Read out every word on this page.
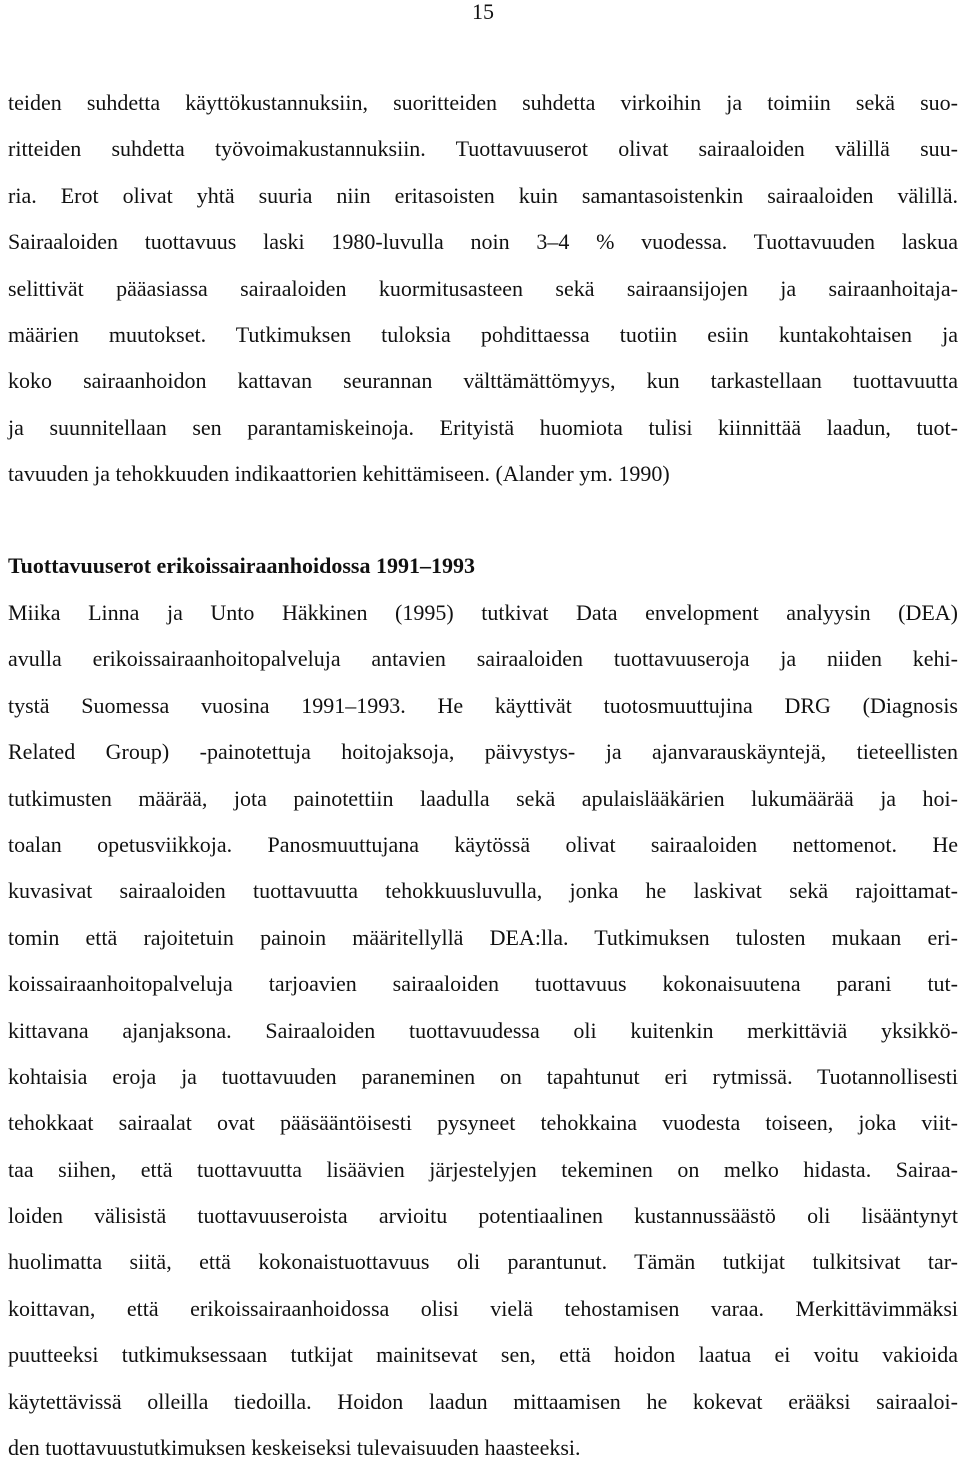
15
teiden suhdetta käyttökustannuksiin, suoritteiden suhdetta virkoihin ja toimiin sekä suo-
ritteiden suhdetta työvoimakustannuksiin. Tuottavuuserot olivat sairaaloiden välillä suu-
ria. Erot olivat yhtä suuria niin eritasoisten kuin samantasoistenkin sairaaloiden välillä.
Sairaaloiden tuottavuus laski 1980-luvulla noin 3–4 % vuodessa. Tuottavuuden laskua
selittivät pääasiassa sairaaloiden kuormitusasteen sekä sairaansijojen ja sairaanhoitaja-
määrien muutokset. Tutkimuksen tuloksia pohdittaessa tuotiin esiin kuntakohtaisen ja
koko sairaanhoidon kattavan seurannan välttämättömyys, kun tarkastellaan tuottavuutta
ja suunnitellaan sen parantamiskeinoja. Erityistä huomiota tulisi kiinnittää laadun, tuot-
tavuuden ja tehokkuuden indikaattorien kehittämiseen. (Alander ym. 1990)
Tuottavuuserot erikoissairaanhoidossa 1991–1993
Miika Linna ja Unto Häkkinen (1995) tutkivat Data envelopment analyysin (DEA)
avulla erikoissairaanhoitopalveluja antavien sairaaloiden tuottavuuseroja ja niiden kehi-
tystä Suomessa vuosina 1991–1993. He käyttivät tuotosmuuttujina DRG (Diagnosis
Related Group) -painotettuja hoitojaksoja, päivystys- ja ajanvarauskäyntejä, tieteellisten
tutkimusten määrää, jota painotettiin laadulla sekä apulaislääkärien lukumäärää ja hoi-
toalan opetusviikkoja. Panosmuuttujana käytössä olivat sairaaloiden nettomenot. He
kuvasivat sairaaloiden tuottavuutta tehokkuusluvulla, jonka he laskivat sekä rajoittamat-
tomin että rajoitetuin painoin määritellyllä DEA:lla. Tutkimuksen tulosten mukaan eri-
koissairaanhoitopalveluja tarjoavien sairaaloiden tuottavuus kokonaisuutena parani tut-
kittavana ajanjaksona. Sairaaloiden tuottavuudessa oli kuitenkin merkittäviä yksikkö-
kohtaisia eroja ja tuottavuuden paraneminen on tapahtunut eri rytmissä. Tuotannollisesti
tehokkaat sairaalat ovat pääsääntöisesti pysyneet tehokkaina vuodesta toiseen, joka viit-
taa siihen, että tuottavuutta lisäävien järjestelyjen tekeminen on melko hidasta. Sairaa-
loiden välisistä tuottavuuseroista arvioitu potentiaalinen kustannussäästö oli lisääntynyt
huolimatta siitä, että kokonaistuottavuus oli parantunut. Tämän tutkijat tulkitsivat tar-
koittavan, että erikoissairaanhoidossa olisi vielä tehostamisen varaa. Merkittävimmäksi
puutteeksi tutkimuksessaan tutkijat mainitsevat sen, että hoidon laatua ei voitu vakioida
käytettävissä olleilla tiedoilla. Hoidon laadun mittaamisen he kokevat erääksi sairaaloi-
den tuottavuustutkimuksen keskeiseksi tulevaisuuden haasteeksi.
